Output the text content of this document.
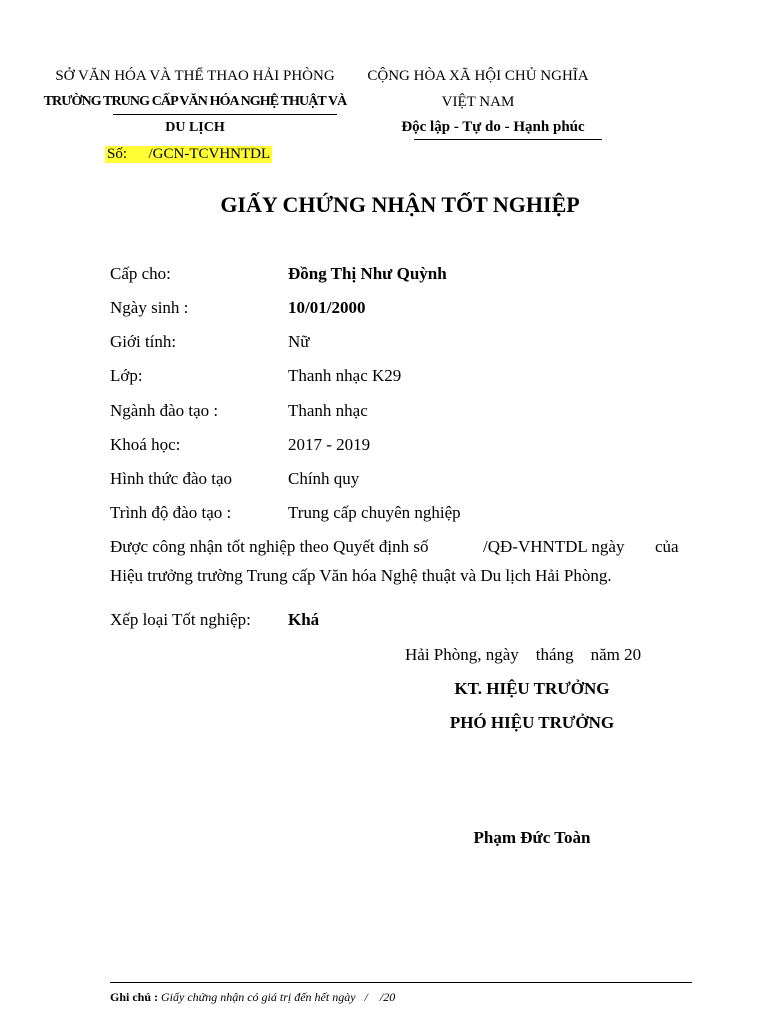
SỞ VĂN HÓA VÀ THỂ THAO HẢI PHÒNG
TRƯỜNG TRUNG CẤP VĂN HÓA NGHỆ THUẬT VÀ
DU LỊCH
Số: /GCN-TCVHNTDL
CỘNG HÒA XÃ HỘI CHỦ NGHĨA
VIỆT NAM
Độc lập - Tự do - Hạnh phúc
GIẤY CHỨNG NHẬN TỐT NGHIỆP
Cấp cho:	Đồng Thị Như Quỳnh
Ngày sinh :	10/01/2000
Giới tính:	Nữ
Lớp:	Thanh nhạc K29
Ngành đào tạo :	Thanh nhạc
Khoá học:	2017 - 2019
Hình thức đào tạo	Chính quy
Trình độ đào tạo :	Trung cấp chuyên nghiệp
Được công nhận tốt nghiệp theo Quyết định số	/QĐ-VHNTDL ngày của
Hiệu trưởng trường Trung cấp Văn hóa Nghệ thuật và Du lịch Hải Phòng.
Xếp loại Tốt nghiệp: Khá
Hải Phòng, ngày    tháng    năm 20
KT. HIỆU TRƯỞNG
PHÓ HIỆU TRƯỞNG
Phạm Đức Toàn
Ghi chú : Giấy chứng nhận có giá trị đến hết ngày   /    /20
